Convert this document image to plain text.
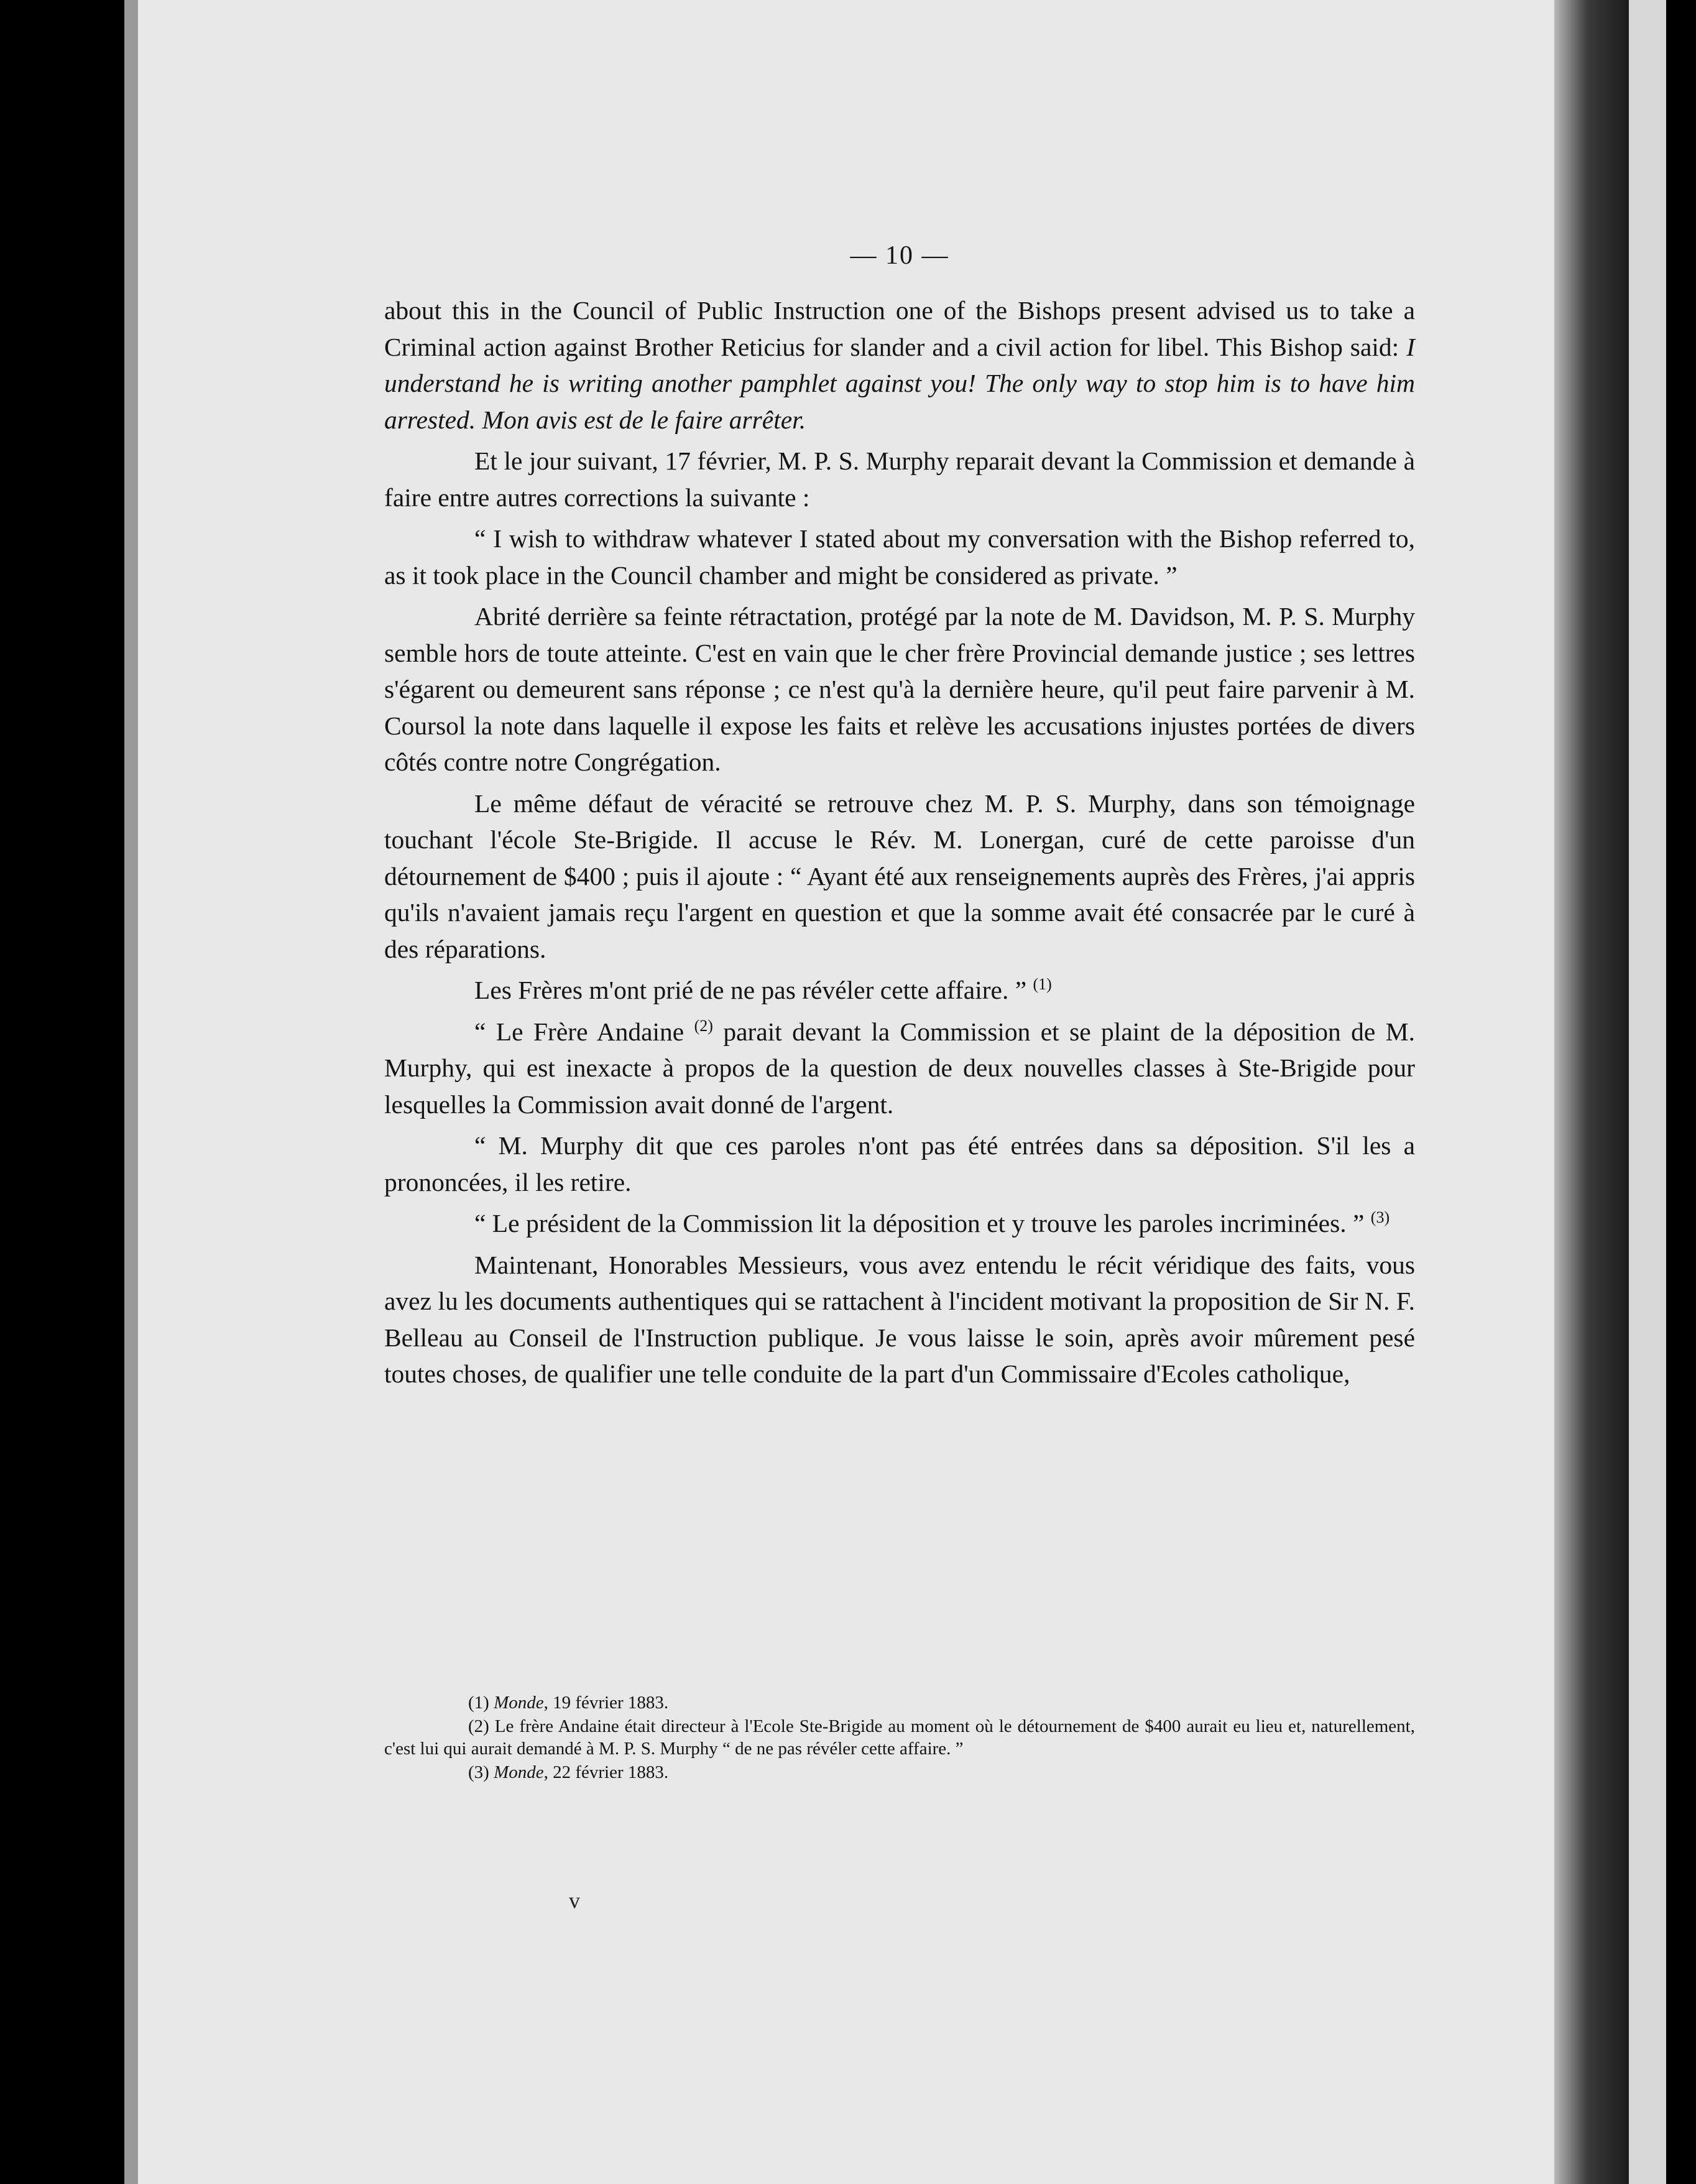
— 10 —

about this in the Council of Public Instruction one of the Bishops present advised us to take a Criminal action against Brother Reticius for slander and a civil action for libel. This Bishop said: I understand he is writing another pamphlet against you! The only way to stop him is to have him arrested. Mon avis est de le faire arrêter.

Et le jour suivant, 17 février, M. P. S. Murphy reparait devant la Commission et demande à faire entre autres corrections la suivante :

“ I wish to withdraw whatever I stated about my conversation with the Bishop referred to, as it took place in the Council chamber and might be considered as private. ”

Abrité derrière sa feinte rétractation, protégé par la note de M. Davidson, M. P. S. Murphy semble hors de toute atteinte. C'est en vain que le cher frère Provincial demande justice ; ses lettres s'égarent ou demeurent sans réponse ; ce n'est qu'à la dernière heure, qu'il peut faire parvenir à M. Coursol la note dans laquelle il expose les faits et relève les accusations injustes portées de divers côtés contre notre Congrégation.

Le même défaut de véracité se retrouve chez M. P. S. Murphy, dans son témoignage touchant l'école Ste-Brigide. Il accuse le Rév. M. Lonergan, curé de cette paroisse d'un détournement de $400 ; puis il ajoute : “ Ayant été aux renseignements auprès des Frères, j'ai appris qu'ils n'avaient jamais reçu l'argent en question et que la somme avait été consacrée par le curé à des réparations.

Les Frères m'ont prié de ne pas révéler cette affaire. ” $^{(1)}$

“ Le Frère Andaine $^{(2)}$ parait devant la Commission et se plaint de la déposition de M. Murphy, qui est inexacte à propos de la question de deux nouvelles classes à Ste-Brigide pour lesquelles la Commission avait donné de l'argent.

“ M. Murphy dit que ces paroles n'ont pas été entrées dans sa déposition. S'il les a prononcées, il les retire.

“ Le président de la Commission lit la déposition et y trouve les paroles incriminées. ” $^{(3)}$

Maintenant, Honorables Messieurs, vous avez entendu le récit véridique des faits, vous avez lu les documents authentiques qui se rattachent à l'incident motivant la proposition de Sir N. F. Belleau au Conseil de l'Instruction publique. Je vous laisse le soin, après avoir mûrement pesé toutes choses, de qualifier une telle conduite de la part d'un Commissaire d'Ecoles catholique,

(1) Monde, 19 février 1883.

(2) Le frère Andaine était directeur à l'Ecole Ste-Brigide au moment où le détournement de $400 aurait eu lieu et, naturellement, c'est lui qui aurait demandé à M. P. S. Murphy “ de ne pas révéler cette affaire. ”

(3) Monde, 22 février 1883.

v
